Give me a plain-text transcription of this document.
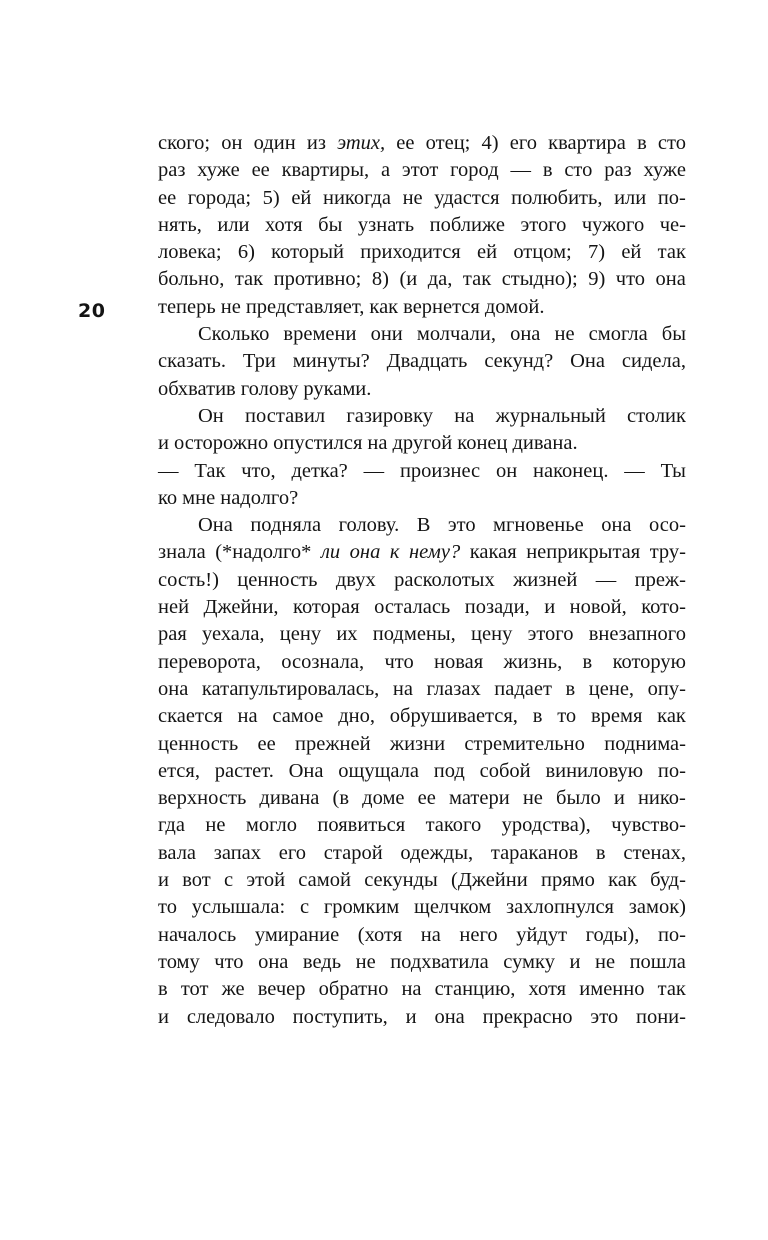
20
ского; он один из этих, ее отец; 4) его квартира в сто
раз хуже ее квартиры, а этот город — в сто раз хуже
ее города; 5) ей никогда не удастся полюбить, или по-
нять, или хотя бы узнать поближе этого чужого че-
ловека; 6) который приходится ей отцом; 7) ей так
больно, так противно; 8) (и да, так стыдно); 9) что она
теперь не представляет, как вернется домой.
Сколько времени они молчали, она не смогла бы
сказать. Три минуты? Двадцать секунд? Она сидела,
обхватив голову руками.
Он поставил газировку на журнальный столик
и осторожно опустился на другой конец дивана.
— Так что, детка? — произнес он наконец. — Ты
ко мне надолго?
Она подняла голову. В это мгновенье она осо-
знала (*надолго* ли она к нему? какая неприкрытая тру-
сость!) ценность двух расколотых жизней — преж-
ней Джейни, которая осталась позади, и новой, кото-
рая уехала, цену их подмены, цену этого внезапного
переворота, осознала, что новая жизнь, в которую
она катапультировалась, на глазах падает в цене, опу-
скается на самое дно, обрушивается, в то время как
ценность ее прежней жизни стремительно поднима-
ется, растет. Она ощущала под собой виниловую по-
верхность дивана (в доме ее матери не было и нико-
гда не могло появиться такого уродства), чувство-
вала запах его старой одежды, тараканов в стенах,
и вот с этой самой секунды (Джейни прямо как буд-
то услышала: с громким щелчком захлопнулся замок)
началось умирание (хотя на него уйдут годы), по-
тому что она ведь не подхватила сумку и не пошла
в тот же вечер обратно на станцию, хотя именно так
и следовало поступить, и она прекрасно это пони-
